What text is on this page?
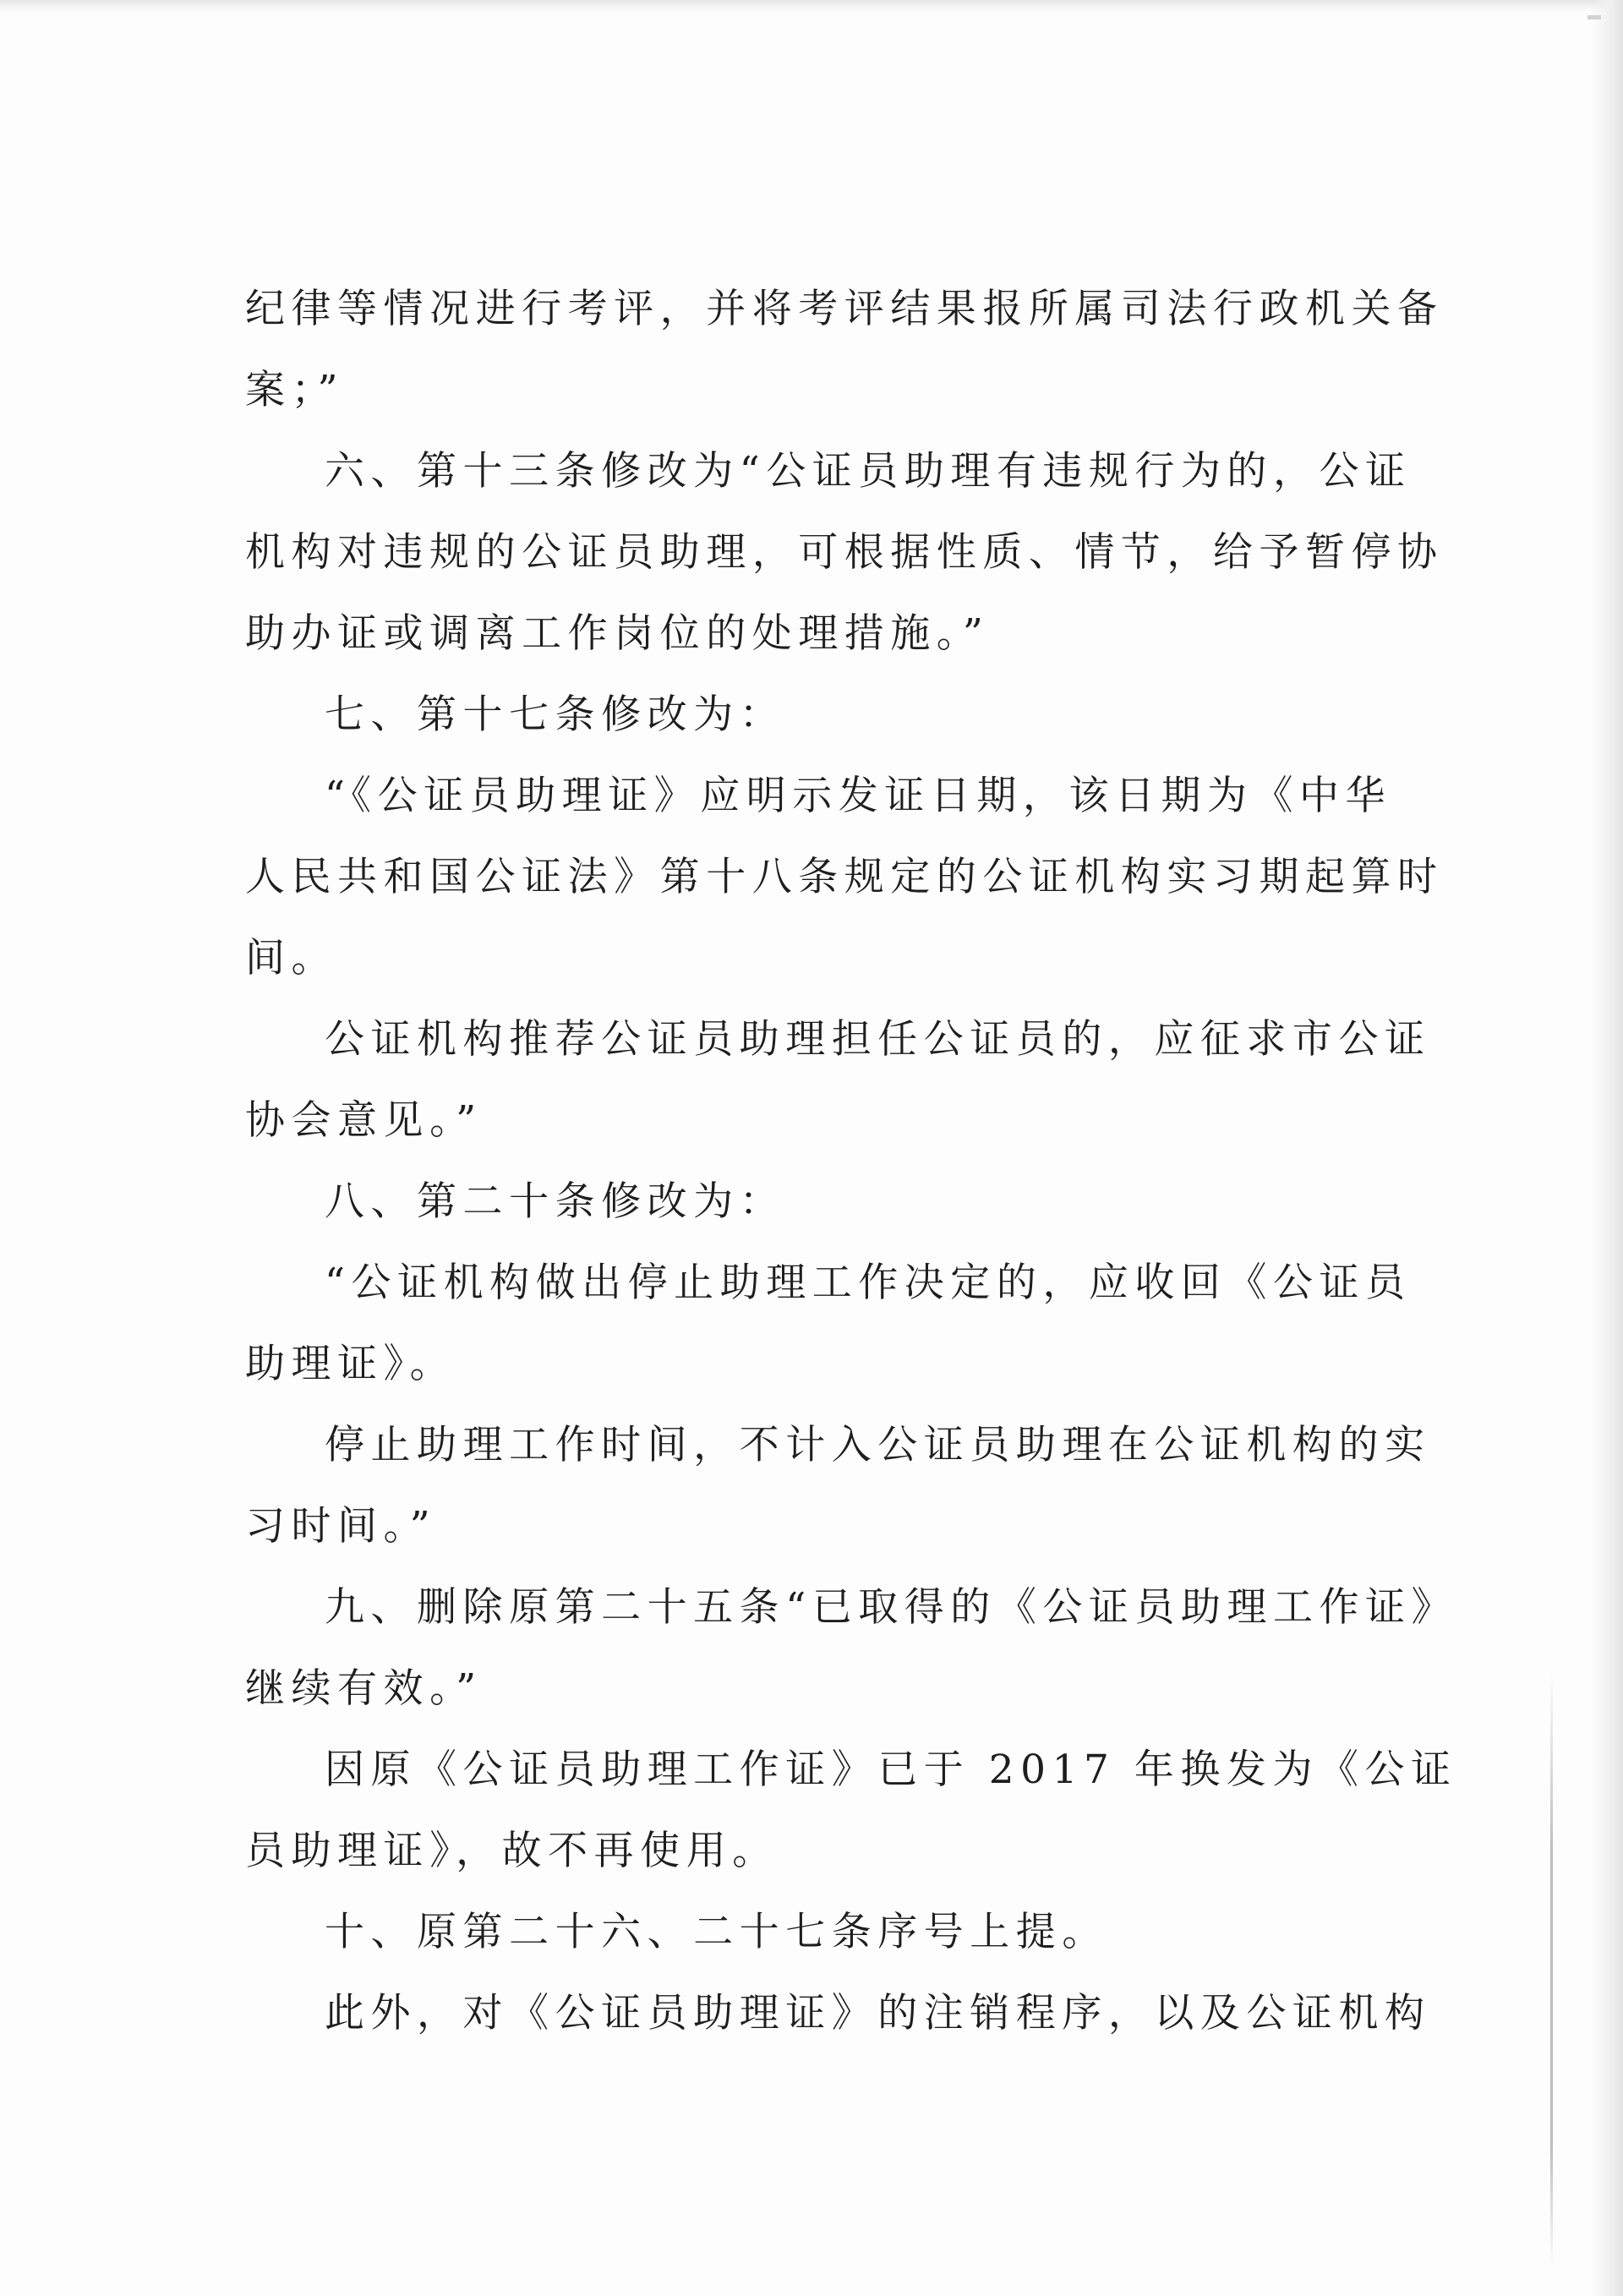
纪律等情况进行考评，并将考评结果报所属司法行政机关备
案；”
六、第十三条修改为“公证员助理有违规行为的，公证
机构对违规的公证员助理，可根据性质、情节，给予暂停协
助办证或调离工作岗位的处理措施。”
七、第十七条修改为：
“《公证员助理证》应明示发证日期，该日期为《中华
人民共和国公证法》第十八条规定的公证机构实习期起算时
间。
公证机构推荐公证员助理担任公证员的，应征求市公证
协会意见。”
八、第二十条修改为：
“公证机构做出停止助理工作决定的，应收回《公证员
助理证》。
停止助理工作时间，不计入公证员助理在公证机构的实
习时间。”
九、删除原第二十五条“已取得的《公证员助理工作证》
继续有效。”
因原《公证员助理工作证》已于 2017 年换发为《公证
员助理证》，故不再使用。
十、原第二十六、二十七条序号上提。
此外，对《公证员助理证》的注销程序，以及公证机构
